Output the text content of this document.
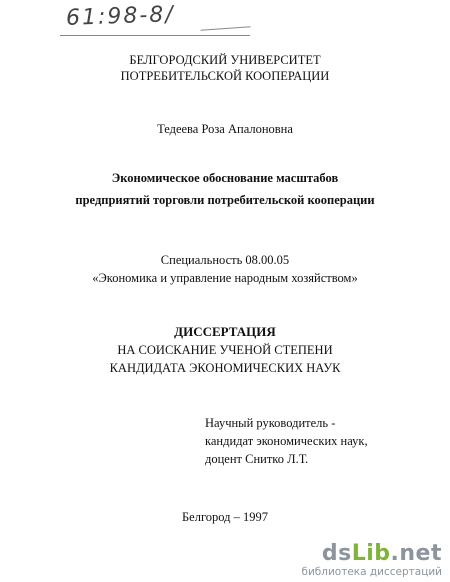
61:98-8/
БЕЛГОРОДСКИЙ УНИВЕРСИТЕТ
ПОТРЕБИТЕЛЬСКОЙ КООПЕРАЦИИ
Тедеева Роза Апалоновна
Экономическое обоснование масштабов
предприятий торговли потребительской кооперации
Специальность 08.00.05
«Экономика и управление народным хозяйством»
ДИССЕРТАЦИЯ
НА СОИСКАНИЕ УЧЕНОЙ СТЕПЕНИ
КАНДИДАТА ЭКОНОМИЧЕСКИХ НАУК
Научный руководитель -
кандидат экономических наук,
доцент Снитко Л.Т.
Белгород – 1997
dsLib.net
библиотека диссертаций
